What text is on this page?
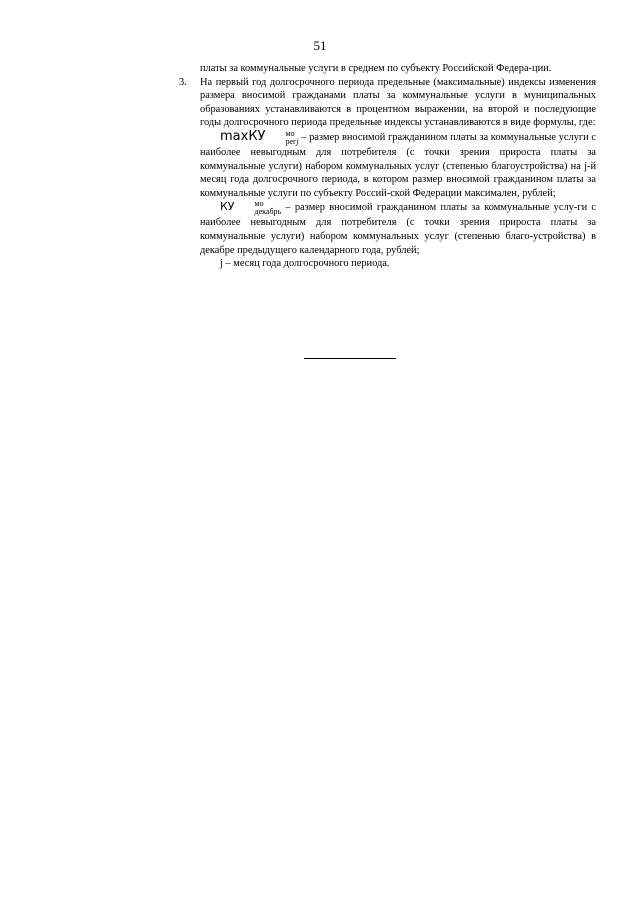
51

платы за коммунальные услуги в среднем по субъекту Российской Федера-ции.

3. На первый год долгосрочного периода предельные (максимальные) индексы изменения размера вносимой гражданами платы за коммунальные услуги в муниципальных образованиях устанавливаются в процентном выражении, на второй и последующие годы долгосрочного периода предельные индексы устанавливаются в виде формулы, где:

maxКУ	мо
регj – размер вносимой гражданином платы за коммунальные услуги с наиболее невыгодным для потребителя (с точки зрения прироста платы за коммунальные услуги) набором коммунальных услуг (степенью благоустройства) на j-й месяц года долгосрочного периода, в котором размер вносимой гражданином платы за коммунальные услуги по субъекту Россий-ской Федерации максимален, рублей;

КУ	мо
декабрь – размер вносимой гражданином платы за коммунальные услу-ги с наиболее невыгодным для потребителя (с точки зрения прироста платы за коммунальные услуги) набором коммунальных услуг (степенью благо-устройства) в декабре предыдущего календарного года, рублей;

j – месяц года долгосрочного периода.
